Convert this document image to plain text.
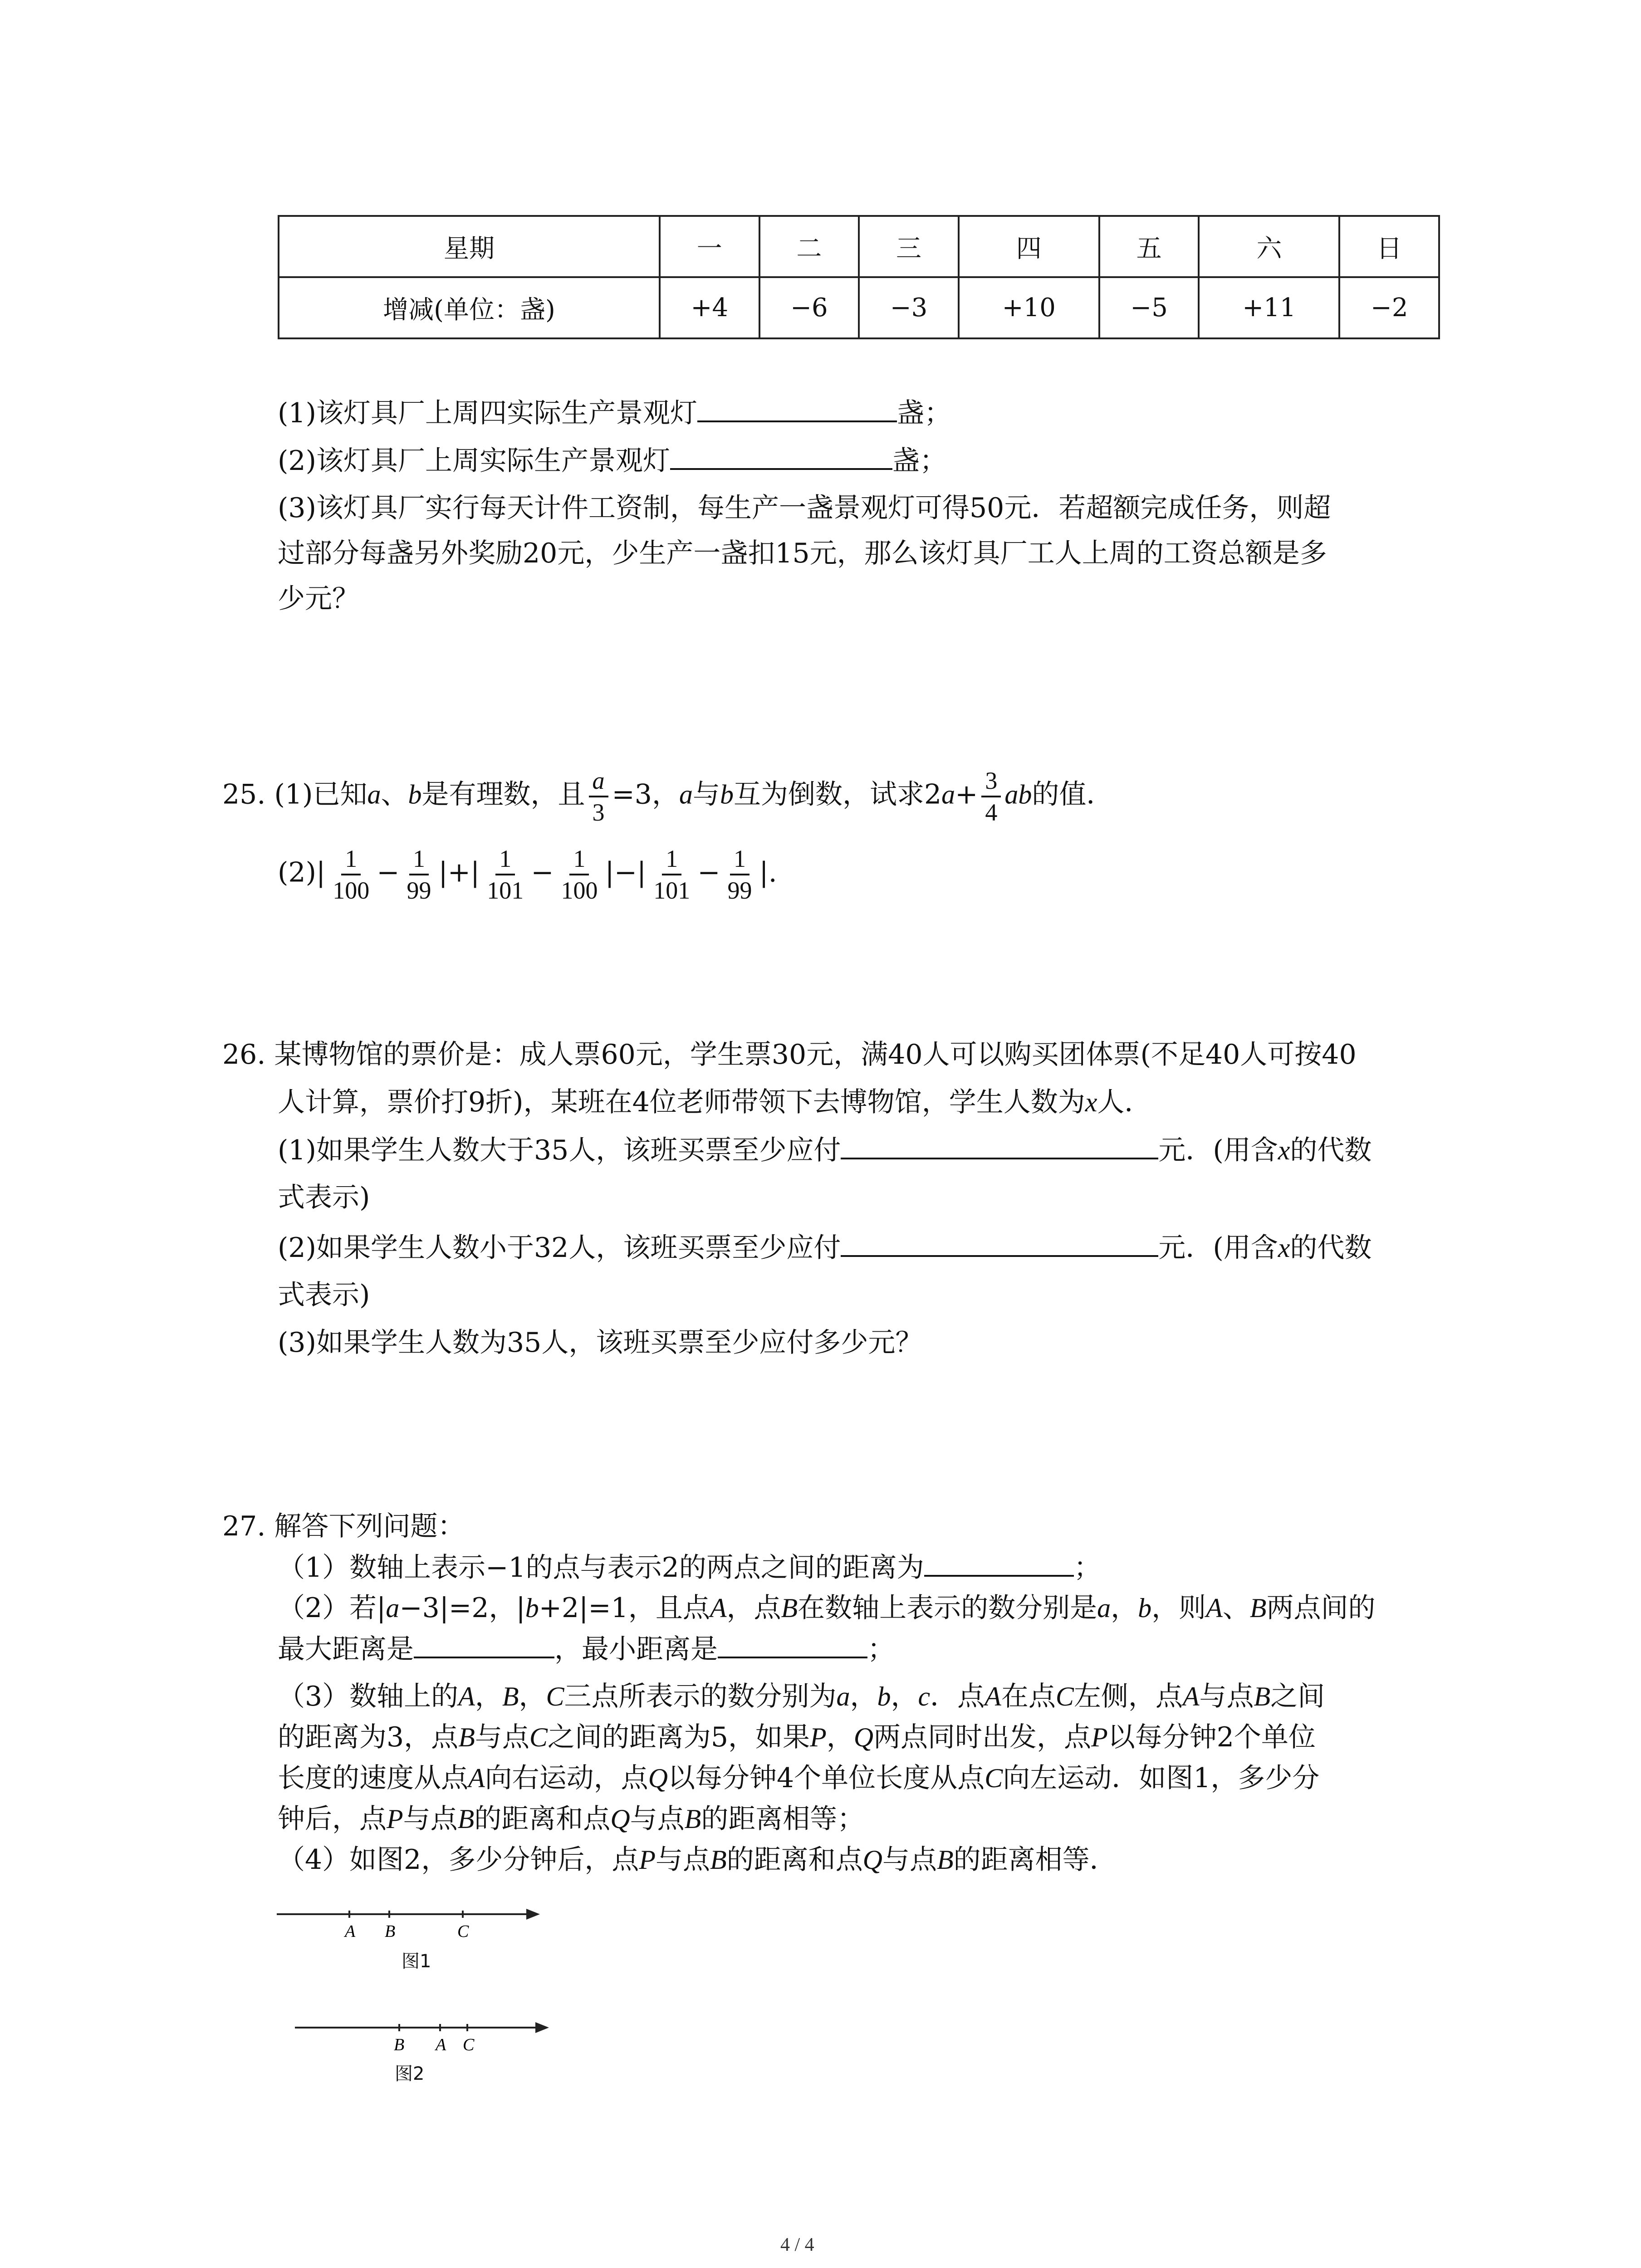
星期	一	二	三	四	五	六	日
增减(单位：盏)	+4	−6	−3	+10	−5	+11	−2
(1)该灯具厂上周四实际生产景观灯	盏；
(2)该灯具厂上周实际生产景观灯	盏；
(3)该灯具厂实行每天计件工资制，每生产一盏景观灯可得50元．若超额完成任务，则超
过部分每盏另外奖励20元，少生产一盏扣15元，那么该灯具厂工人上周的工资总额是多
少元？
25. (1)已知a、b是有理数，且 $\frac{a}{3} =3$，a与b互为倒数，试求$2a+ \frac{3}{4}$ ab的值．
$(2)| \frac{1}{100} - \frac{1}{99}$ |+| $\frac{1}{101} - \frac{1}{100}$ |−| $\frac{1}{101} - \frac{1}{99}$ |.
26. 某博物馆的票价是：成人票60元，学生票30元，满40人可以购买团体票(不足40人可按40
人计算，票价打9折)，某班在4位老师带领下去博物馆，学生人数为x人．
(1)如果学生人数大于35人，该班买票至少应付	元．(用含x的代数
式表示)
(2)如果学生人数小于32人，该班买票至少应付	元．(用含x的代数
式表示)
(3)如果学生人数为35人，该班买票至少应付多少元？
27. 解答下列问题：
（1）数轴上表示−1的点与表示2的两点之间的距离为	；
（2）若|a−3|=2，|b+2|=1，且点A，点B在数轴上表示的数分别是a，b，则A、B两点间的
最大距离是	，最小距离是	；
（3）数轴上的A，B，C三点所表示的数分别为a，b，c．点A在点C左侧，点A与点B之间
的距离为3，点B与点C之间的距离为5，如果P，Q两点同时出发，点P以每分钟2个单位
长度的速度从点A向右运动，点Q以每分钟4个单位长度从点C向左运动．如图1，多少分
钟后，点P与点B的距离和点Q与点B的距离相等；
（4）如图2，多少分钟后，点P与点B的距离和点Q与点B的距离相等．
A B	C
图1
B A C
图2
4 / 4
